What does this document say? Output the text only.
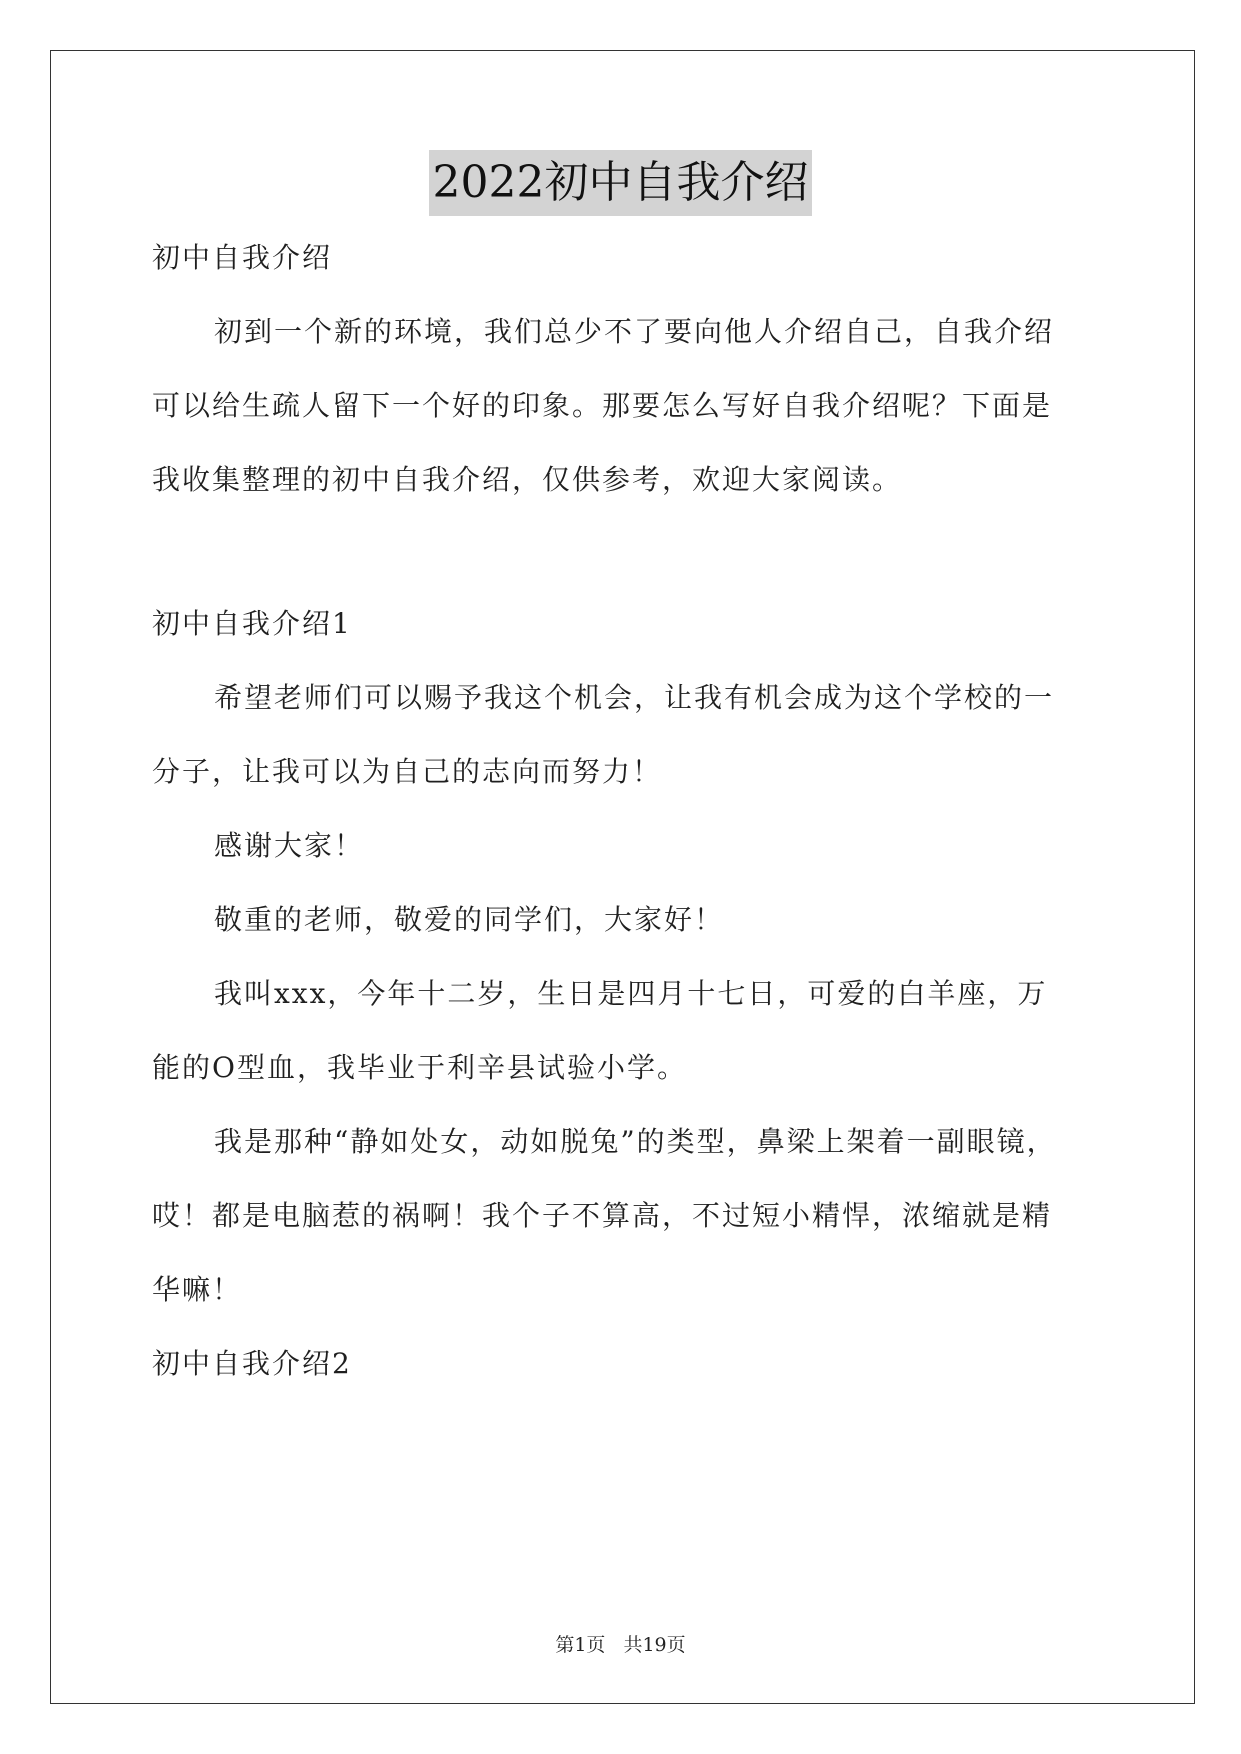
2022初中自我介绍
初中自我介绍
初到一个新的环境，我们总少不了要向他人介绍自己，自我介绍
可以给生疏人留下一个好的印象。那要怎么写好自我介绍呢？下面是
我收集整理的初中自我介绍，仅供参考，欢迎大家阅读。
初中自我介绍1
希望老师们可以赐予我这个机会，让我有机会成为这个学校的一
分子，让我可以为自己的志向而努力！
感谢大家！
敬重的老师，敬爱的同学们，大家好！
我叫xxx，今年十二岁，生日是四月十七日，可爱的白羊座，万
能的O型血，我毕业于利辛县试验小学。
我是那种“静如处女，动如脱兔”的类型，鼻梁上架着一副眼镜，
哎！都是电脑惹的祸啊！我个子不算高，不过短小精悍，浓缩就是精
华嘛！
初中自我介绍2
第1页 共19页
